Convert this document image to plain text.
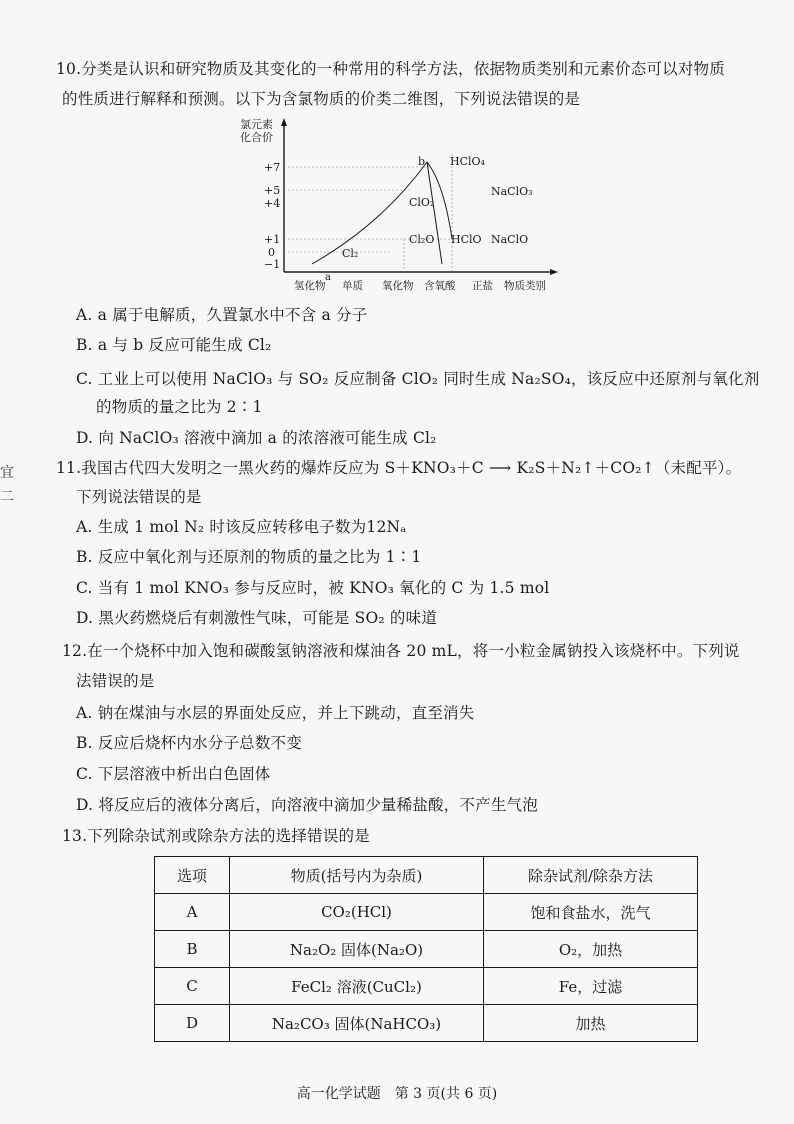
宜
二
10.分类是认识和研究物质及其变化的一种常用的科学方法，依据物质类别和元素价态可以对物质
的性质进行解释和预测。以下为含氯物质的价类二维图，下列说法错误的是
氯元素
化合价
+7
+5
+4
+1
0
−1
a
b
Cl₂
Cl₂O
ClO₂
HClO
HClO₄
NaClO
NaClO₃
氢化物 单质 氧化物 含氧酸 正盐 物质类别
A. a 属于电解质，久置氯水中不含 a 分子
B. a 与 b 反应可能生成 Cl₂
C. 工业上可以使用 NaClO₃ 与 SO₂ 反应制备 ClO₂ 同时生成 Na₂SO₄，该反应中还原剂与氧化剂
的物质的量之比为 2∶1
D. 向 NaClO₃ 溶液中滴加 a 的浓溶液可能生成 Cl₂
11.我国古代四大发明之一黑火药的爆炸反应为 S＋KNO₃＋C ⟶ K₂S＋N₂↑＋CO₂↑（未配平）。
下列说法错误的是
A. 生成 1 mol N₂ 时该反应转移电子数为12Nₐ
B. 反应中氧化剂与还原剂的物质的量之比为 1∶1
C. 当有 1 mol KNO₃ 参与反应时，被 KNO₃ 氧化的 C 为 1.5 mol
D. 黑火药燃烧后有刺激性气味，可能是 SO₂ 的味道
12.在一个烧杯中加入饱和碳酸氢钠溶液和煤油各 20 mL，将一小粒金属钠投入该烧杯中。下列说
法错误的是
A. 钠在煤油与水层的界面处反应，并上下跳动，直至消失
B. 反应后烧杯内水分子总数不变
C. 下层溶液中析出白色固体
D. 将反应后的液体分离后，向溶液中滴加少量稀盐酸，不产生气泡
13.下列除杂试剂或除杂方法的选择错误的是
选项	物质(括号内为杂质)	除杂试剂/除杂方法
A	CO₂(HCl)	饱和食盐水，洗气
B	Na₂O₂ 固体(Na₂O)	O₂，加热
C	FeCl₂ 溶液(CuCl₂)	Fe，过滤
D	Na₂CO₃ 固体(NaHCO₃)	加热
高一化学试题　第 3 页(共 6 页)
